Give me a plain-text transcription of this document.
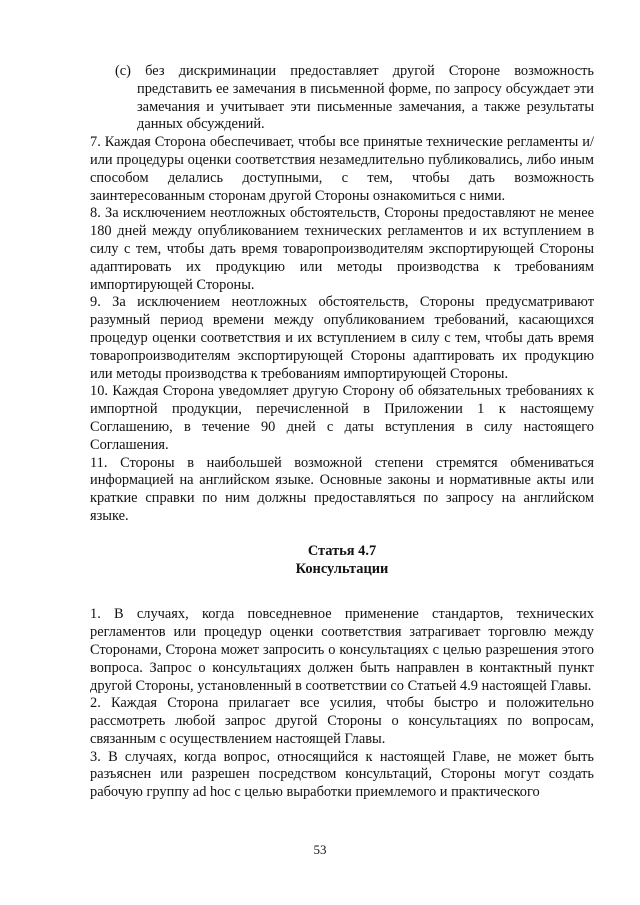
(c) без дискриминации предоставляет другой Стороне возможность представить ее замечания в письменной форме, по запросу обсуждает эти замечания и учитывает эти письменные замечания, а также результаты данных обсуждений.

7. Каждая Сторона обеспечивает, чтобы все принятые технические регламенты и/или процедуры оценки соответствия незамедлительно публиковались, либо иным способом делались доступными, с тем, чтобы дать возможность заинтересованным сторонам другой Стороны ознакомиться с ними.

8. За исключением неотложных обстоятельств, Стороны предоставляют не менее 180 дней между опубликованием технических регламентов и их вступлением в силу с тем, чтобы дать время товаропроизводителям экспортирующей Стороны адаптировать их продукцию или методы производства к требованиям импортирующей Стороны.

9. За исключением неотложных обстоятельств, Стороны предусматривают разумный период времени между опубликованием требований, касающихся процедур оценки соответствия и их вступлением в силу с тем, чтобы дать время товаропроизводителям экспортирующей Стороны адаптировать их продукцию или методы производства к требованиям импортирующей Стороны.

10. Каждая Сторона уведомляет другую Сторону об обязательных требованиях к импортной продукции, перечисленной в Приложении 1 к настоящему Соглашению, в течение 90 дней с даты вступления в силу настоящего Соглашения.

11. Стороны в наибольшей возможной степени стремятся обмениваться информацией на английском языке. Основные законы и нормативные акты или краткие справки по ним должны предоставляться по запросу на английском языке.

Статья 4.7

Консультации

1. В случаях, когда повседневное применение стандартов, технических регламентов или процедур оценки соответствия затрагивает торговлю между Сторонами, Сторона может запросить о консультациях с целью разрешения этого вопроса. Запрос о консультациях должен быть направлен в контактный пункт другой Стороны, установленный в соответствии со Статьей 4.9 настоящей Главы.

2. Каждая Сторона прилагает все усилия, чтобы быстро и положительно рассмотреть любой запрос другой Стороны о консультациях по вопросам, связанным с осуществлением настоящей Главы.

3. В случаях, когда вопрос, относящийся к настоящей Главе, не может быть разъяснен или разрешен посредством консультаций, Стороны могут создать рабочую группу ad hoc с целью выработки приемлемого и практического

53
